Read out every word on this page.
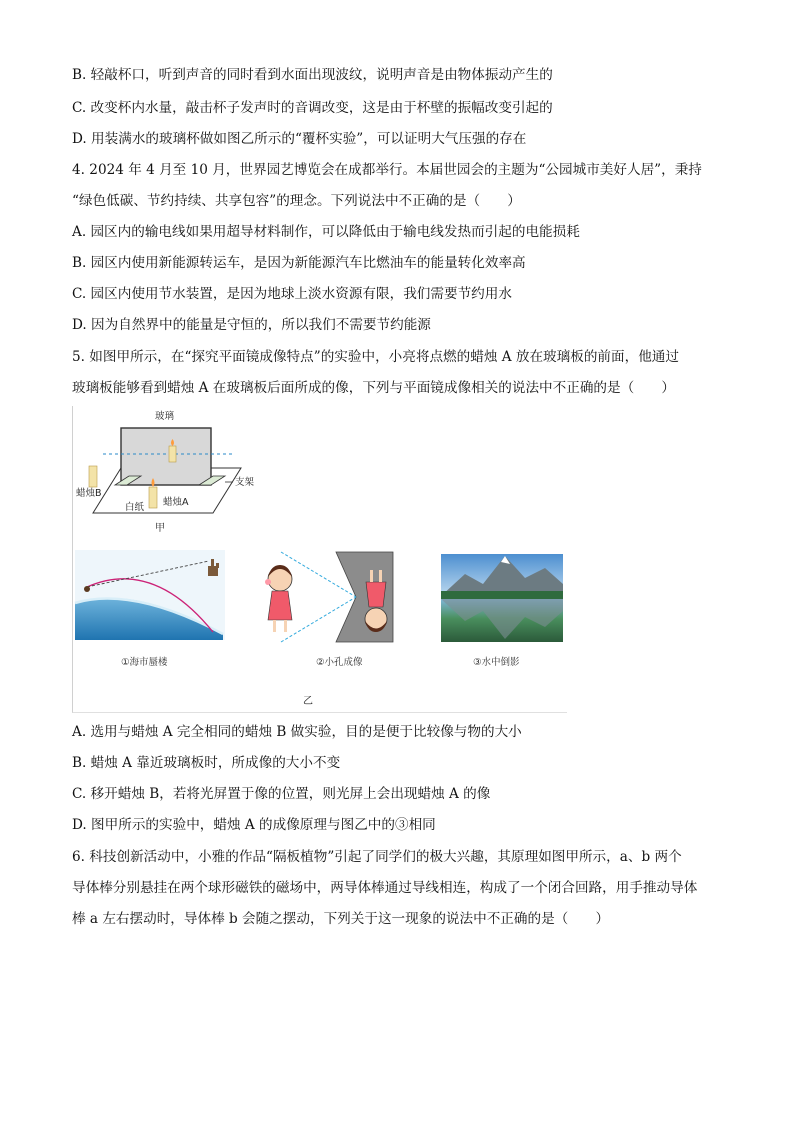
B. 轻敲杯口，听到声音的同时看到水面出现波纹，说明声音是由物体振动产生的
C. 改变杯内水量，敲击杯子发声时的音调改变，这是由于杯壁的振幅改变引起的
D. 用装满水的玻璃杯做如图乙所示的“覆杯实验”，可以证明大气压强的存在
4. 2024 年 4 月至 10 月，世界园艺博览会在成都举行。本届世园会的主题为“公园城市美好人居”，秉持
“绿色低碳、节约持续、共享包容”的理念。下列说法中不正确的是（　　）
A. 园区内的输电线如果用超导材料制作，可以降低由于输电线发热而引起的电能损耗
B. 园区内使用新能源转运车，是因为新能源汽车比燃油车的能量转化效率高
C. 园区内使用节水装置，是因为地球上淡水资源有限，我们需要节约用水
D. 因为自然界中的能量是守恒的，所以我们不需要节约能源
5. 如图甲所示，在“探究平面镜成像特点”的实验中，小亮将点燃的蜡烛 A 放在玻璃板的前面，他通过
玻璃板能够看到蜡烛 A 在玻璃板后面所成的像，下列与平面镜成像相关的说法中不正确的是（　　）
玻璃
支架
蜡烛B
蜡烛A
白纸
甲
①海市蜃楼	②小孔成像	③水中倒影
乙
A. 选用与蜡烛 A 完全相同的蜡烛 B 做实验，目的是便于比较像与物的大小
B. 蜡烛 A 靠近玻璃板时，所成像的大小不变
C. 移开蜡烛 B，若将光屏置于像的位置，则光屏上会出现蜡烛 A 的像
D. 图甲所示的实验中，蜡烛 A 的成像原理与图乙中的③相同
6. 科技创新活动中，小雅的作品“隔板植物”引起了同学们的极大兴趣，其原理如图甲所示，a、b 两个
导体棒分别悬挂在两个球形磁铁的磁场中，两导体棒通过导线相连，构成了一个闭合回路，用手推动导体
棒 a 左右摆动时，导体棒 b 会随之摆动，下列关于这一现象的说法中不正确的是（　　）
